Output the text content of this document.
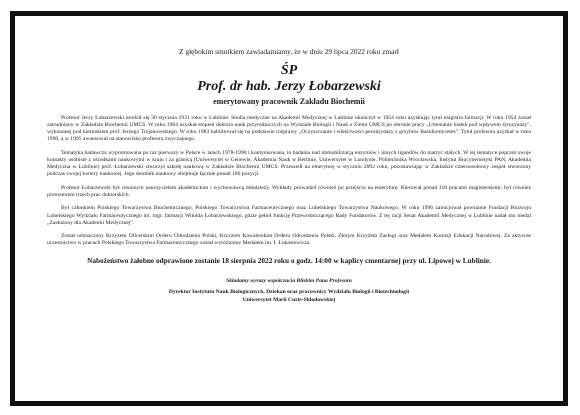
Z głębokim smutkiem zawiadamiamy, że w dniu 29 lipca 2022 roku zmarł
ŚP
Prof. dr hab. Jerzy Łobarzewski
emerytowany pracownik Zakładu Biochemii

Profesor Jerzy Łobarzewski urodził się 30 stycznia 1931 roku w Lublinie. Studia medyczne na Akademii Medycznej w Lublinie ukończył w 1954 roku uzyskując tytuł magistra farmacji. W roku 1954 został zatrudniony w Zakładzie Biochemii UMCS. W roku 1964 uzyskał stopień doktora nauk przyrodniczych na Wydziale Biologii i Nauk o Ziemi UMCS po obronie pracy „Utlenianie białek pod wpływem tyrozynazy", wykonanej pod kierunkiem prof. Jerzego Trojanowskiego. W roku 1983 habilitował się na podstawie rozprawy „Oczyszczanie i właściwości peroksydazy z grzybów Basidiomycetes". Tytuł profesora uzyskał w roku 1990, a w 1995 awansował na stanowisko profesora zwyczajnego.

Tematyka badawcza wypromowana po raz pierwszy w Polsce w latach 1978-1990 i kontynuowana, to badania nad immobilizacją enzymów i innych ligandów do matryc stałych. W tej tematyce poprzez swoje kontakty osobiste z ośrodkami naukowymi w kraju i za granicą (Uniwersytet w Genewie, Akademia Nauk w Berlinie, Uniwersytet w Londynie, Politechnika Wrocławska, Instytut Biocybernetyki PAN, Akademia Medyczna w Lublinie) prof. Łobarzewski stworzył szkołę naukową w Zakładzie Biochemii UMCS. Przeszedł na emeryturę w styczniu 2002 roku, pozostawiając w Zakładzie czteroosobowy zespół stworzony podczas swojej kariery naukowej. Jego dorobek naukowy obejmuje łącznie ponad 100 pozycji.

Profesor Łobarzewski był cenionym nauczycielem akademickim i wychowawcą młodzieży. Wykłady prowadził również po przejściu na emeryturę. Kierował ponad 110 pracami magisterskimi; był również promotorem trzech prac doktorskich.

Był członkiem Polskiego Towarzystwa Biochemicznego, Polskiego Towarzystwa Farmaceutycznego oraz Lubelskiego Towarzystwa Naukowego. W roku 1996 zainicjował powstanie Fundacji Rozwoju Lubelskiego Wydziału Farmaceutycznego im. mgr. farmacji Witolda Łobarzewskiego, gdzie pełnił funkcję Przewodniczącego Rady Fundatorów. Z tej racji Senat Akademii Medycznej w Lublinie nadał mu medal „Zasłużony dla Akademii Medycznej".

Został odznaczony Krzyżem Oficerskim Orderu Odrodzenia Polski, Krzyżem Kawalerskim Orderu Odrodzenia Polski, Złotym Krzyżem Zasługi oraz Medalem Komisji Edukacji Narodowej. Za aktywne uczestnictwo w pracach Polskiego Towarzystwa Farmaceutycznego został wyróżniony Medalem im. I. Łukasiewicza.

Nabożeństwo żałobne odprawione zostanie 18 sierpnia 2022 roku o godz. 14:00 w kaplicy cmentarnej przy ul. Lipowej w Lublinie.
Składamy wyrazy współczucia Bliskim Pana Profesora
Dyrektor Instytutu Nauk Biologicznych, Dziekan oraz pracownicy Wydziału Biologii i Biotechnologii
Uniwersytet Marii Curie-Skłodowskiej
